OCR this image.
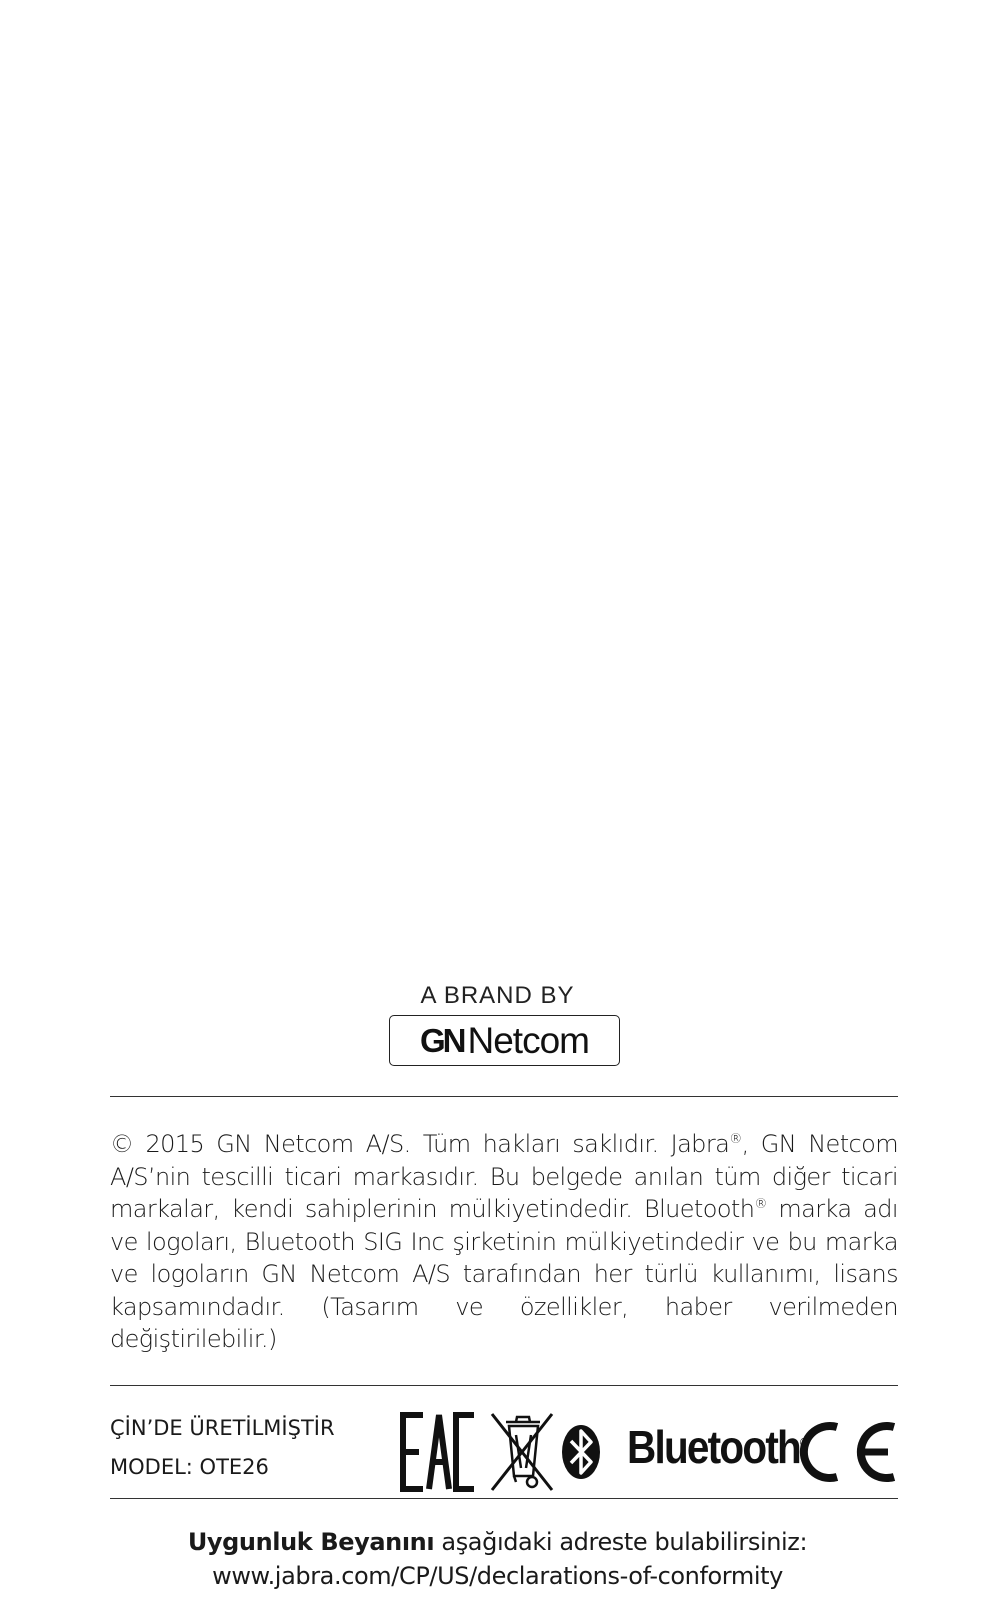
A BRAND BY
GN Netcom

© 2015 GN Netcom A/S. Tüm hakları saklıdır. Jabra®, GN Netcom A/S’nin tescilli ticari markasıdır. Bu belgede anılan tüm diğer ticari markalar, kendi sahiplerinin mülkiyetindedir. Bluetooth® marka adı ve logoları, Bluetooth SIG Inc şirketinin mülkiyetindedir ve bu marka ve logoların GN Netcom A/S tarafından her türlü kullanımı, lisans kapsamındadır. (Tasarım ve özellikler, haber verilmeden değiştirilebilir.)

ÇİN’DE ÜRETİLMİŞTİR
MODEL: OTE26	Bluetooth®
Uygunluk Beyanını aşağıdaki adreste bulabilirsiniz:
www.jabra.com/CP/US/declarations-of-conformity
